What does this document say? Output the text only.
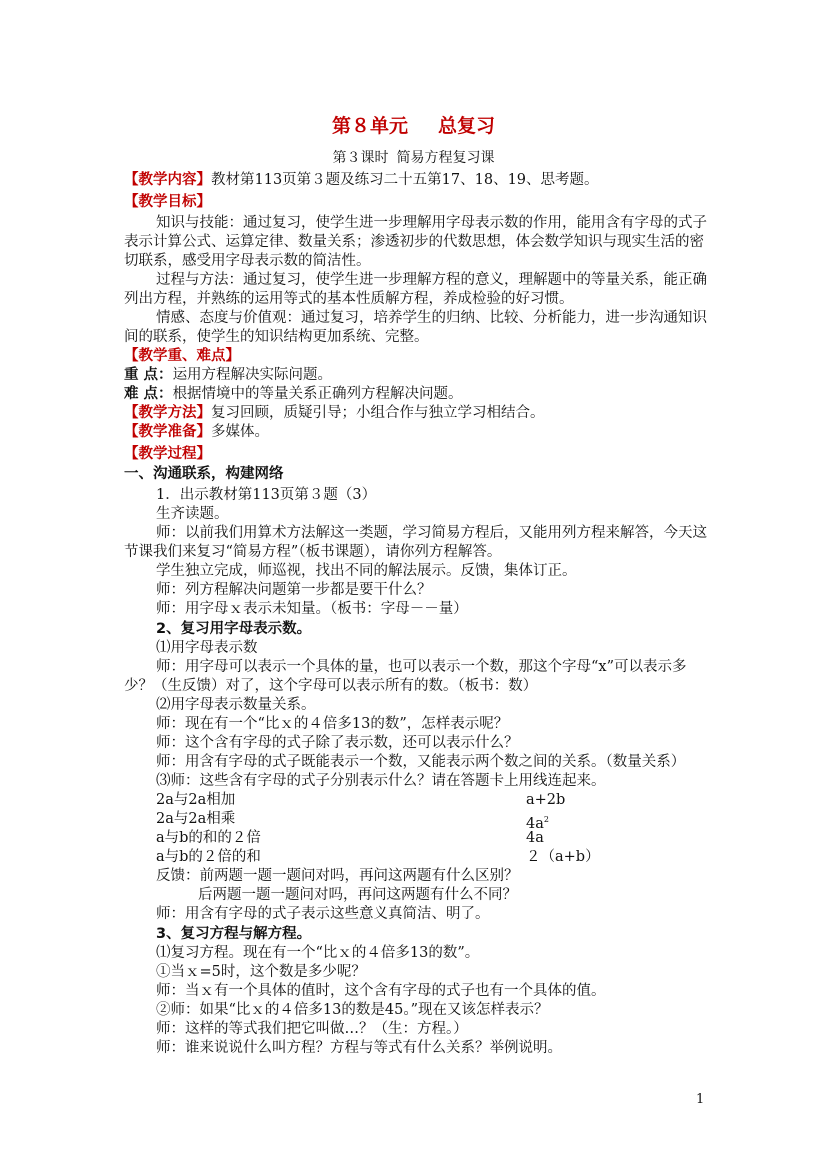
第８单元 总复习
第３课时 简易方程复习课
【教学内容】教材第113页第３题及练习二十五第17、18、19、思考题。
【教学目标】
知识与技能：通过复习，使学生进一步理解用字母表示数的作用，能用含有字母的式子
表示计算公式、运算定律、数量关系；渗透初步的代数思想，体会数学知识与现实生活的密
切联系，感受用字母表示数的简洁性。
过程与方法：通过复习，使学生进一步理解方程的意义，理解题中的等量关系，能正确
列出方程，并熟练的运用等式的基本性质解方程，养成检验的好习惯。
情感、态度与价值观：通过复习，培养学生的归纳、比较、分析能力，进一步沟通知识
间的联系，使学生的知识结构更加系统、完整。
【教学重、难点】
重 点：运用方程解决实际问题。
难 点：根据情境中的等量关系正确列方程解决问题。
【教学方法】复习回顾，质疑引导；小组合作与独立学习相结合。
【教学准备】多媒体。
【教学过程】
一、沟通联系，构建网络
1．出示教材第113页第３题（3）
生齐读题。
师：以前我们用算术方法解这一类题，学习简易方程后，又能用列方程来解答，今天这
节课我们来复习“简易方程”（板书课题），请你列方程解答。
学生独立完成，师巡视，找出不同的解法展示。反馈，集体订正。
师：列方程解决问题第一步都是要干什么？
师：用字母ｘ表示未知量。（板书：字母－－量）
2、复习用字母表示数。
⑴用字母表示数
师：用字母可以表示一个具体的量，也可以表示一个数，那这个字母“x”可以表示多
少？（生反馈）对了，这个字母可以表示所有的数。（板书：数）
⑵用字母表示数量关系。
师：现在有一个“比ｘ的４倍多13的数”，怎样表示呢？
师：这个含有字母的式子除了表示数，还可以表示什么？
师：用含有字母的式子既能表示一个数，又能表示两个数之间的关系。（数量关系）
⑶师：这些含有字母的式子分别表示什么？请在答题卡上用线连起来。
2a与2a相加	a+2b
2a与2a相乘	$4a^2$
a与b的和的２倍	4a
a与b的２倍的和	２（a+b）
反馈：前两题一题一题问对吗，再问这两题有什么区别？
后两题一题一题问对吗，再问这两题有什么不同？
师：用含有字母的式子表示这些意义真简洁、明了。
3、复习方程与解方程。
⑴复习方程。现在有一个“比ｘ的４倍多13的数”。
①当ｘ=5时，这个数是多少呢？
师：当ｘ有一个具体的值时，这个含有字母的式子也有一个具体的值。
②师：如果“比ｘ的４倍多13的数是45。”现在又该怎样表示？
师：这样的等式我们把它叫做…？（生：方程。）
师：谁来说说什么叫方程？方程与等式有什么关系？举例说明。
1
